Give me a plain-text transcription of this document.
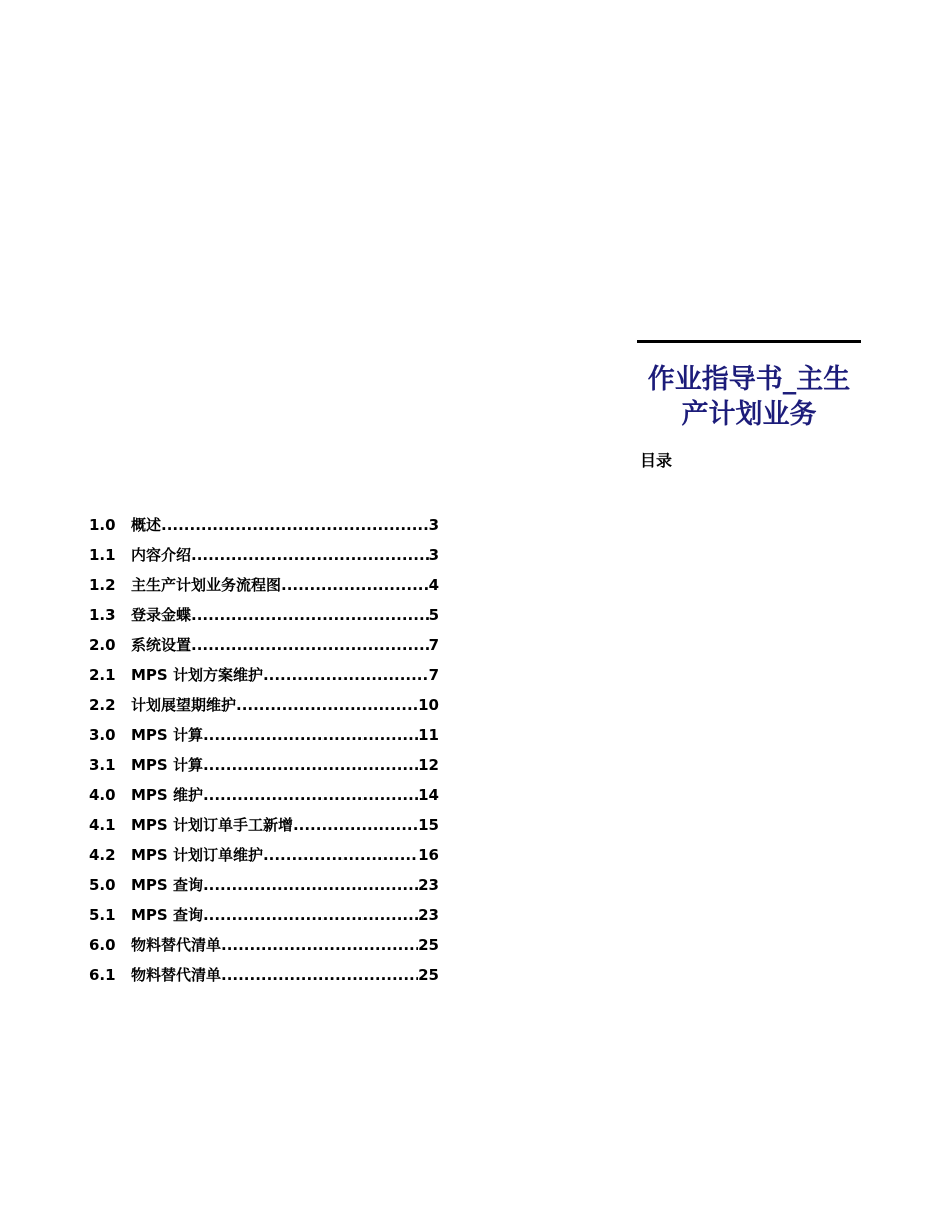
作业指导书_主生产计划业务
目录
1.0	概述 .....	3
1.1	内容介绍 .....	3
1.2	主生产计划业务流程图 .....	4
1.3	登录金蝶 .....	5
2.0	系统设置 .....	7
2.1	MPS 计划方案维护 .....	7
2.2	计划展望期维护 .....	10
3.0	MPS 计算 .....	11
3.1	MPS 计算 .....	12
4.0	MPS 维护 .....	14
4.1	MPS 计划订单手工新增 .....	15
4.2	MPS 计划订单维护 .....	16
5.0	MPS 查询 .....	23
5.1	MPS 查询 .....	23
6.0	物料替代清单 .....	25
6.1	物料替代清单 .....	25
